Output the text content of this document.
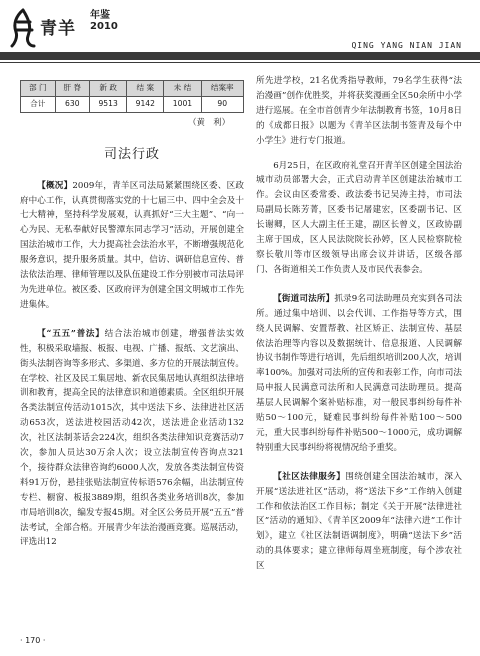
青羊
年鉴
2010
QING YANG NIAN JIAN
部 门	肝 脊	新 政	结 案	未 结	结案率
合计	630	9513	9142	1001	90
（黄　利）
司法行政

【概况】2009年，青羊区司法局紧紧围绕区委、区政府中心工作，认真贯彻落实党的十七届三中、四中全会及十七大精神，坚持科学发展观，认真抓好“三大主题”、“向一心为民、无私奉献好民警潭东同志学习”活动，开展创建全国法治城市工作，大力提高社会法治水平，不断增强规范化服务意识，提升服务质量。其中，信访、调研信息宣传、普法依法治理、律师管理以及队伍建设工作分别被市司法局评为先进单位。被区委、区政府评为创建全国文明城市工作先进集体。

【“五五”普法】结合法治城市创建，增强普法实效性，积极采取墙报、板报、电视、广播、报纸、文艺演出、街头法制咨询等多形式、多渠道、多方位的开展法制宣传。在学校、社区及民工集居地、新农民集居地认真组织法律培训和教育，提高全民的法律意识和道德素质。全区组织开展各类法制宣传活动1015次，其中送法下乡、法律进社区活动653次，送法进校园活动42次，送法进企业活动132次，社区法制茶话会224次，组织各类法律知识竞赛活动7次，参加人员达30万余人次；设立法制宣传咨询点321个，接待群众法律咨询约6000人次，发放各类法制宣传资料91万份，悬挂张贴法制宣传标语576余幅，出法制宣传专栏、橱窗、板报3889期，组织各类业务培训8次，参加市局培训8次，编发专报45期。对全区公务员开展“五五”普法考试，全部合格。开展青少年法治漫画竞赛。巡展活动，评选出12

所先进学校，21名优秀指导教师，79名学生获得“法治漫画”创作优胜奖，并将获奖漫画全区50余所中小学进行巡展。在全市首创青少年法制教育书签，10月8日的《成都日报》以题为《青羊区法制书签青及每个中小学生》进行专门报道。

6月25日，在区政府礼堂召开青羊区创建全国法治城市动员部署大会，正式启动青羊区创建法治城市工作。会议由区委常委、政法委书记吴涛主持，市司法局副局长陈芳菁，区委书记屠建宏，区委副书记、区长谢卿，区人大副主任王建，副区长曾义，区政协副主席于国成，区人民法院院长孙婷，区人民检察院检察长敬川等市区级领导出席会议并讲话，区级各部门、各街道相关工作负责人及市民代表参会。

【街道司法所】抓录9名司法助理员充实到各司法所。通过集中培训、以会代训、工作指导等方式，围绕人民调解、安置帮教、社区矫正、法制宣传、基层依法治理等内容以及数据统计、信息报道、人民调解协议书制作等进行培训，先后组织培训200人次，培训率100%。加强对司法所的宣传和表彰工作，向市司法局申报人民满意司法所和人民满意司法助理员。提高基层人民调解个案补贴标准，对一般民事纠纷每件补贴50～100元，疑难民事纠纷每件补贴100～500元，重大民事纠纷每件补贴500～1000元，成功调解特别重大民事纠纷将视情况给予重奖。

【社区法律服务】围绕创建全国法治城市，深入开展“送法进社区”活动，将“送法下乡”工作纳入创建工作和依法治区工作目标；制定《关于开展“法律进社区”活动的通知》、《青羊区2009年“法律六进”工作计划》，建立《社区法制语调制度》，明确“送法下乡”活动的具体要求；建立律师每周坐班制度，每个涉农社区

· 170 ·
